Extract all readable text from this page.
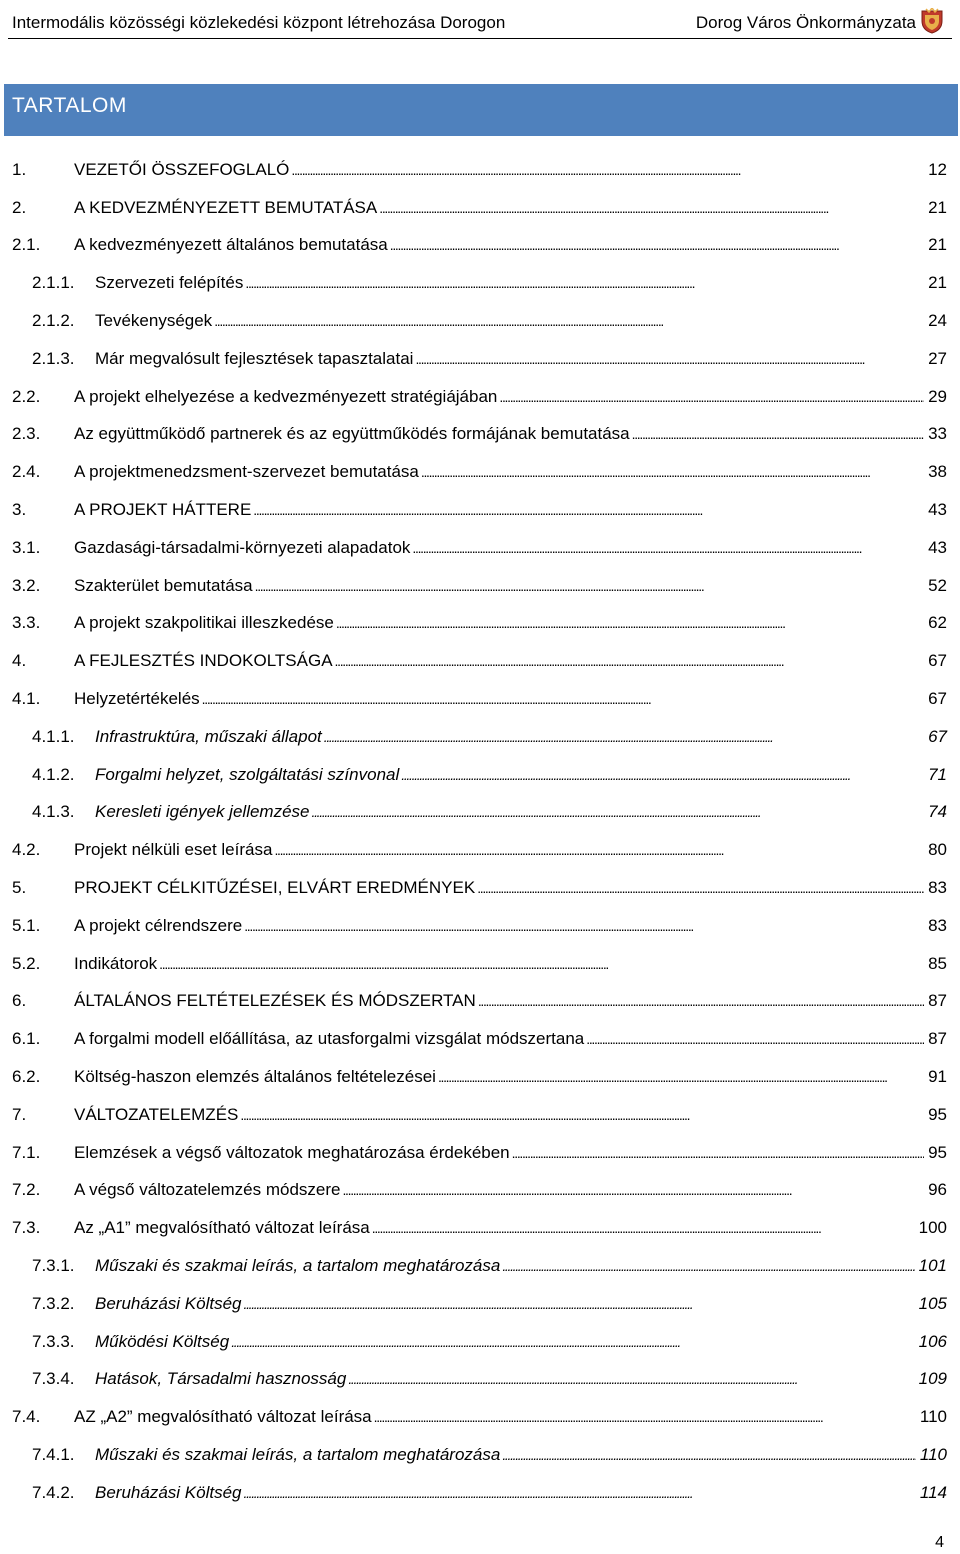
Intermodális közösségi közlekedési központ létrehozása Dorogon	Dorog Város Önkormányzata
TARTALOM
1.	VEZETŐI ÖSSZEFOGLALÓ . . .	12
2.	A KEDVEZMÉNYEZETT BEMUTATÁSA . . .	21
2.1. A kedvezményezett általános bemutatása . . .	21
2.1.1. Szervezeti felépítés . . .	21
2.1.2. Tevékenységek . . .	24
2.1.3. Már megvalósult fejlesztések tapasztalatai . . .	27
2.2. A projekt elhelyezése a kedvezményezett stratégiájában . . .	29
2.3. Az együttműködő partnerek és az együttműködés formájának bemutatása . . .	33
2.4. A projektmenedzsment-szervezet bemutatása . . .	38
3.	A PROJEKT HÁTTERE . . .	43
3.1. Gazdasági-társadalmi-környezeti alapadatok . . .	43
3.2. Szakterület bemutatása . . .	52
3.3. A projekt szakpolitikai illeszkedése . . .	62
4.	A FEJLESZTÉS INDOKOLTSÁGA . . .	67
4.1. Helyzetértékelés . . .	67
4.1.1. Infrastruktúra, műszaki állapot . . .	67
4.1.2. Forgalmi helyzet, szolgáltatási színvonal . . .	71
4.1.3. Keresleti igények jellemzése . . .	74
4.2. Projekt nélküli eset leírása . . .	80
5.	PROJEKT CÉLKITŰZÉSEI, ELVÁRT EREDMÉNYEK . . .	83
5.1. A projekt célrendszere . . .	83
5.2. Indikátorok . . .	85
6.	ÁLTALÁNOS FELTÉTELEZÉSEK ÉS MÓDSZERTAN . . .	87
6.1. A forgalmi modell előállítása, az utasforgalmi vizsgálat módszertana . . .	87
6.2. Költség-haszon elemzés általános feltételezései . . .	91
7.	VÁLTOZATELEMZÉS . . .	95
7.1. Elemzések a végső változatok meghatározása érdekében . . .	95
7.2. A végső változatelemzés módszere . . .	96
7.3. Az „A1” megvalósítható változat leírása . . .	100
7.3.1. Műszaki és szakmai leírás, a tartalom meghatározása . . .	101
7.3.2. Beruházási Költség . . .	105
7.3.3. Működési Költség . . .	106
7.3.4. Hatások, Társadalmi hasznosság . . .	109
7.4. AZ „A2” megvalósítható változat leírása . . .	110
7.4.1. Műszaki és szakmai leírás, a tartalom meghatározása . . .	110
7.4.2. Beruházási Költség . . .	114
4
